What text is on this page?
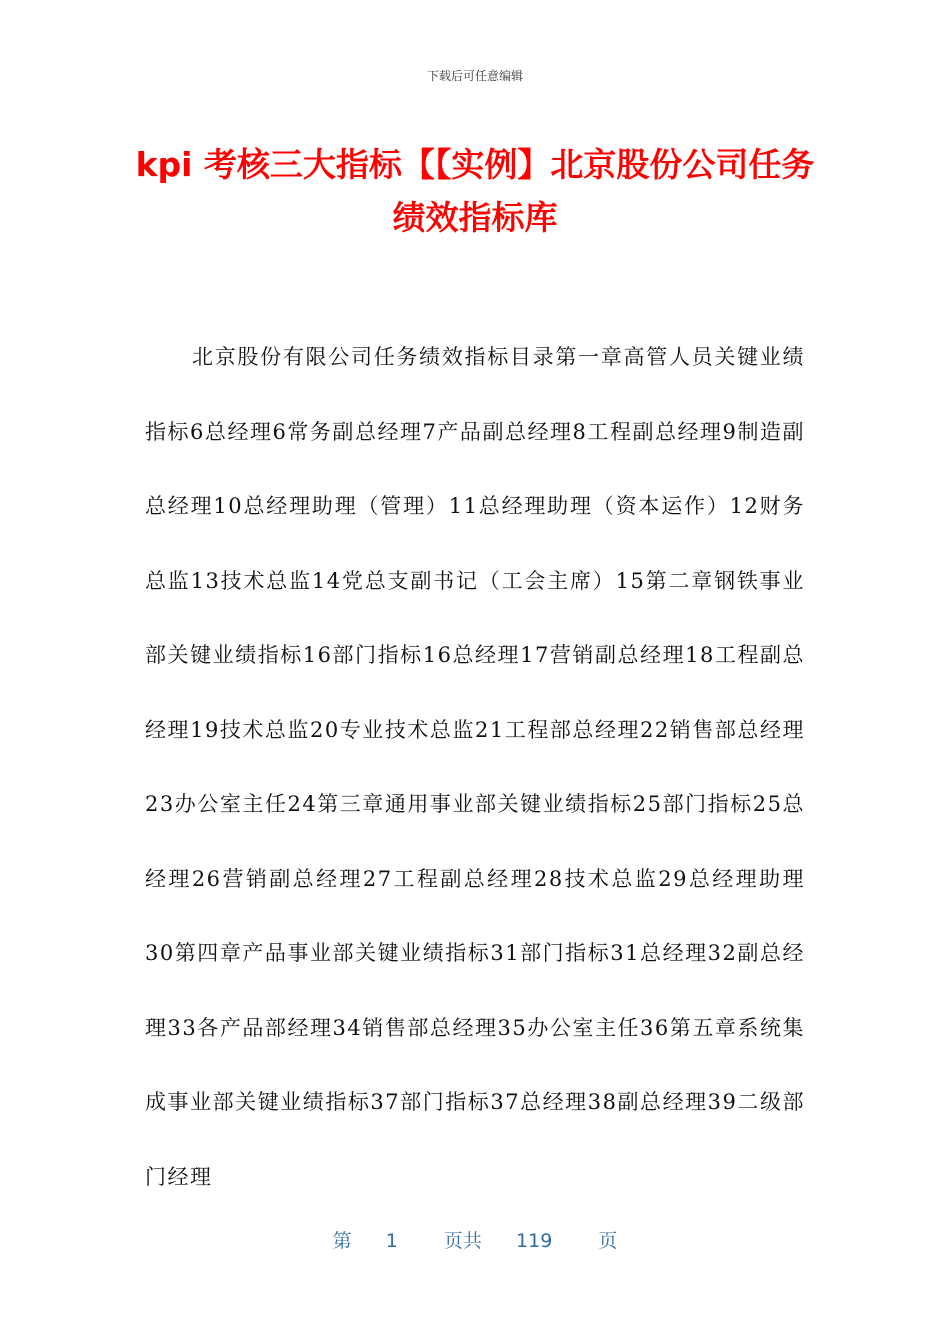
下载后可任意编辑
kpi 考核三大指标【【实例】北京股份公司任务绩效指标库

北京股份有限公司任务绩效指标目录第一章高管人员关键业绩指标6总经理6常务副总经理7产品副总经理8工程副总经理9制造副总经理10总经理助理（管理）11总经理助理（资本运作）12财务总监13技术总监14党总支副书记（工会主席）15第二章钢铁事业部关键业绩指标16部门指标16总经理17营销副总经理18工程副总经理19技术总监20专业技术总监21工程部总经理22销售部总经理23办公室主任24第三章通用事业部关键业绩指标25部门指标25总经理26营销副总经理27工程副总经理28技术总监29总经理助理30第四章产品事业部关键业绩指标31部门指标31总经理32副总经理33各产品部经理34销售部总经理35办公室主任36第五章系统集成事业部关键业绩指标37部门指标37总经理38副总经理39二级部门经理

第 1 页共 119 页
